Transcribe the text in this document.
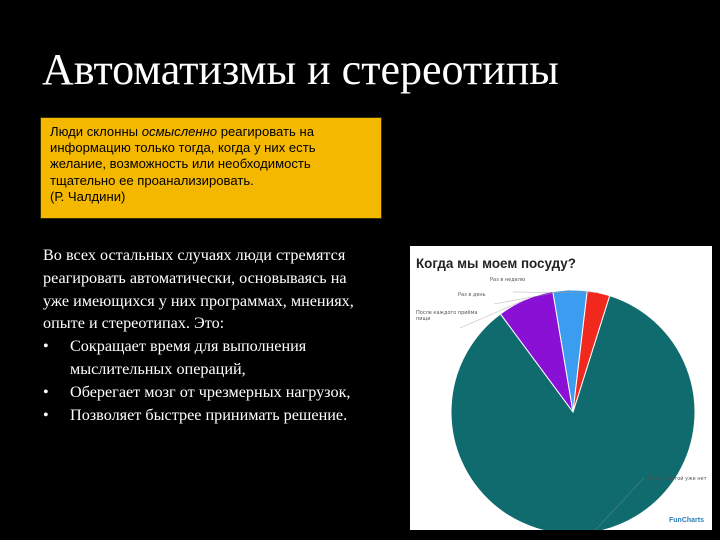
Автоматизмы и стереотипы
Люди склонны осмысленно реагировать на
информацию только тогда, когда у них есть
желание, возможность или необходимость
тщательно ее проанализировать.
(Р. Чалдини)
Во всех остальных случаях люди стремятся
реагировать автоматически, основываясь на
уже имеющихся у них программах, мнениях,
опыте и стереотипах. Это:
• Сокращает время для выполнения
мыслительных операций,
• Оберегает мозг от чрезмерных нагрузок,
• Позволяет быстрее принимать решение.
Когда мы моем посуду?
Когда чистой уже нет
После каждого приёма
пищи
Раз в день
Раз в неделю
FunCharts
